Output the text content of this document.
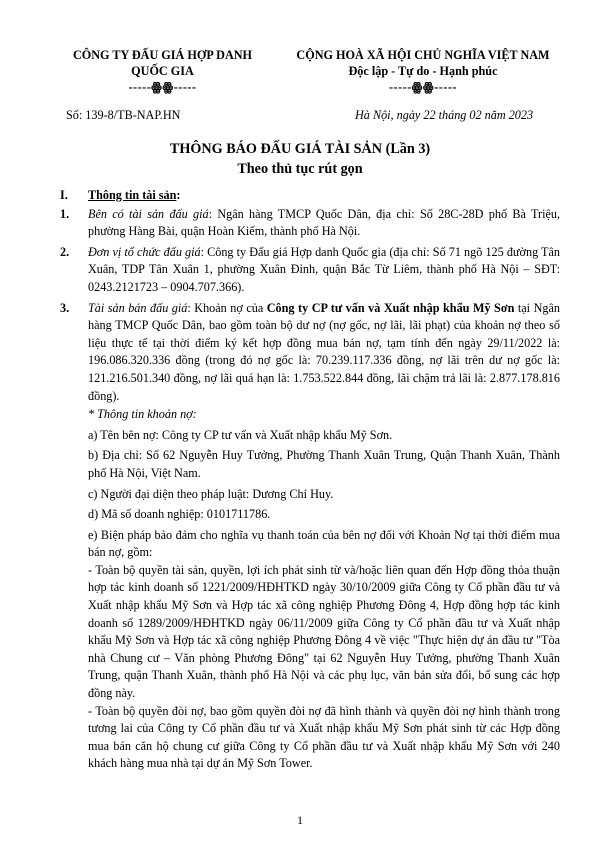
CÔNG TY ĐẤU GIÁ HỢP DANH
QUỐC GIA
-----ꙮꙮ-----
CỘNG HOÀ XÃ HỘI CHỦ NGHĨA VIỆT NAM
Độc lập - Tự do - Hạnh phúc
-----ꙮꙮ-----
Số: 139-8/TB-NAP.HN	Hà Nội, ngày 22 tháng 02 năm 2023
THÔNG BÁO ĐẤU GIÁ TÀI SẢN (Lần 3)
Theo thủ tục rút gọn
I.	Thông tin tài sản:
1.	Bên có tài sản đấu giá: Ngân hàng TMCP Quốc Dân, địa chỉ: Số 28C-28D phố Bà Triệu, phường Hàng Bài, quận Hoàn Kiếm, thành phố Hà Nội.
2.	Đơn vị tổ chức đấu giá: Công ty Đấu giá Hợp danh Quốc gia (địa chỉ: Số 71 ngõ 125 đường Tân Xuân, TDP Tân Xuân 1, phường Xuân Đỉnh, quận Bắc Từ Liêm, thành phố Hà Nội – SĐT: 0243.2121723 – 0904.707.366).
3.	Tài sản bán đấu giá: Khoản nợ của Công ty CP tư vấn và Xuất nhập khẩu Mỹ Sơn tại Ngân hàng TMCP Quốc Dân, bao gồm toàn bộ dư nợ (nợ gốc, nợ lãi, lãi phạt) của khoản nợ theo số liệu thực tế tại thời điểm ký kết hợp đồng mua bán nợ, tạm tính đến ngày 29/11/2022 là: 196.086.320.336 đồng (trong đó nợ gốc là: 70.239.117.336 đồng, nợ lãi trên dư nợ gốc là: 121.216.501.340 đồng, nợ lãi quá hạn là: 1.753.522.844 đồng, lãi chậm trả lãi là: 2.877.178.816 đồng).
* Thông tin khoản nợ:
a) Tên bên nợ: Công ty CP tư vấn và Xuất nhập khẩu Mỹ Sơn.
b) Địa chỉ: Số 62 Nguyễn Huy Tưởng, Phường Thanh Xuân Trung, Quận Thanh Xuân, Thành phố Hà Nội, Việt Nam.
c) Người đại diện theo pháp luật: Dương Chí Huy.
d) Mã số doanh nghiệp: 0101711786.
e) Biện pháp bảo đảm cho nghĩa vụ thanh toán của bên nợ đối với Khoản Nợ tại thời điểm mua bán nợ, gồm:
- Toàn bộ quyền tài sản, quyền, lợi ích phát sinh từ và/hoặc liên quan đến Hợp đồng thỏa thuận hợp tác kinh doanh số 1221/2009/HĐHTKD ngày 30/10/2009 giữa Công ty Cổ phần đầu tư và Xuất nhập khẩu Mỹ Sơn và Hợp tác xã công nghiệp Phương Đông 4, Hợp đồng hợp tác kinh doanh số 1289/2009/HĐHTKD ngày 06/11/2009 giữa Công ty Cổ phần đầu tư và Xuất nhập khẩu Mỹ Sơn và Hợp tác xã công nghiệp Phương Đông 4 về việc "Thực hiện dự án đầu tư "Tòa nhà Chung cư – Văn phòng Phương Đông" tại 62 Nguyễn Huy Tưởng, phường Thanh Xuân Trung, quận Thanh Xuân, thành phố Hà Nội và các phụ lục, văn bản sửa đổi, bổ sung các hợp đồng này.
- Toàn bộ quyền đòi nợ, bao gồm quyền đòi nợ đã hình thành và quyền đòi nợ hình thành trong tương lai của Công ty Cổ phần đầu tư và Xuất nhập khẩu Mỹ Sơn phát sinh từ các Hợp đồng mua bán căn hộ chung cư giữa Công ty Cổ phần đầu tư và Xuất nhập khẩu Mỹ Sơn với 240 khách hàng mua nhà tại dự án Mỹ Sơn Tower.
1
